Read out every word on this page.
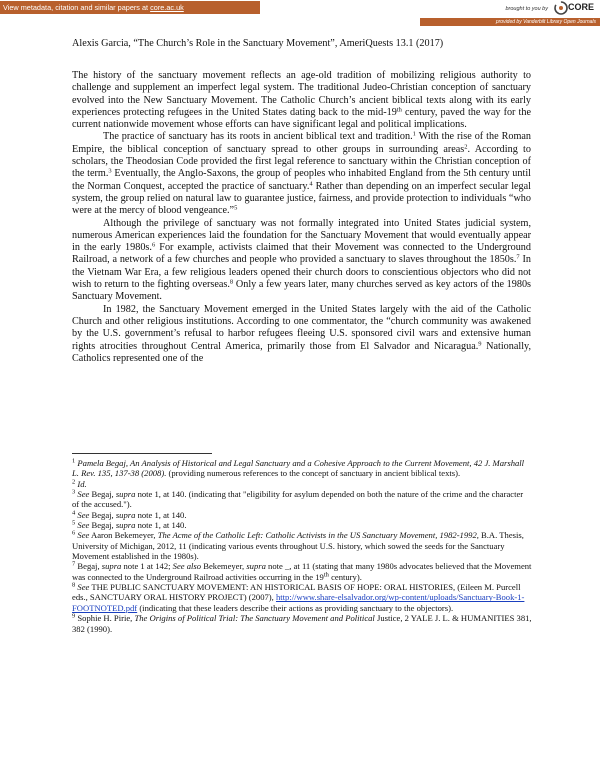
View metadata, citation and similar papers at core.ac.uk	brought to you by CORE
provided by Vanderbilt Library Open Journals
Alexis Garcia, “The Church’s Role in the Sanctuary Movement”, AmeriQuests 13.1 (2017)

The history of the sanctuary movement reflects an age-old tradition of mobilizing religious authority to challenge and supplement an imperfect legal system. The traditional Judeo-Christian conception of sanctuary evolved into the New Sanctuary Movement. The Catholic Church’s ancient biblical texts along with its early experiences protecting refugees in the United States dating back to the mid-19th century, paved the way for the current nationwide movement whose efforts can have significant legal and political implications.

The practice of sanctuary has its roots in ancient biblical text and tradition.$^1$ With the rise of the Roman Empire, the biblical conception of sanctuary spread to other groups in surrounding areas$^2$. According to scholars, the Theodosian Code provided the first legal reference to sanctuary within the Christian conception of the term.$^3$ Eventually, the Anglo-Saxons, the group of peoples who inhabited England from the 5th century until the Norman Conquest, accepted the practice of sanctuary.$^4$ Rather than depending on an imperfect secular legal system, the group relied on natural law to guarantee justice, fairness, and provide protection to individuals “who were at the mercy of blood vengeance.”$^5$

Although the privilege of sanctuary was not formally integrated into United States judicial system, numerous American experiences laid the foundation for the Sanctuary Movement that would eventually appear in the early 1980s.$^6$ For example, activists claimed that their Movement was connected to the Underground Railroad, a network of a few churches and people who provided a sanctuary to slaves throughout the 1850s.$^7$ In the Vietnam War Era, a few religious leaders opened their church doors to conscientious objectors who did not wish to return to the fighting overseas.$^8$ Only a few years later, many churches served as key actors of the 1980s Sanctuary Movement.

In 1982, the Sanctuary Movement emerged in the United States largely with the aid of the Catholic Church and other religious institutions. According to one commentator, the “church community was awakened by the U.S. government’s refusal to harbor refugees fleeing U.S. sponsored civil wars and extensive human rights atrocities throughout Central America, primarily those from El Salvador and Nicaragua.$^9$ Nationally, Catholics represented one of the

$^1$ Pamela Begaj, An Analysis of Historical and Legal Sanctuary and a Cohesive Approach to the Current Movement, 42 J. Marshall L. Rev. 135, 137-38 (2008). (providing numerous references to the concept of sanctuary in ancient biblical texts).

$^2$ Id.

$^3$ See Begaj, supra note 1, at 140. (indicating that "eligibility for asylum depended on both the nature of the crime and the character of the accused.").

$^4$ See Begaj, supra note 1, at 140.

$^5$ See Begaj, supra note 1, at 140.

$^6$ See Aaron Bekemeyer, The Acme of the Catholic Left: Catholic Activists in the US Sanctuary Movement, 1982-1992, B.A. Thesis, University of Michigan, 2012, 11 (indicating various events throughout U.S. history, which sowed the seeds for the Sanctuary Movement established in the 1980s).

$^7$ Begaj, supra note 1 at 142; See also Bekemeyer, supra note _, at 11 (stating that many 1980s advocates believed that the Movement was connected to the Underground Railroad activities occurring in the 19th century).

$^8$ See THE PUBLIC SANCTUARY MOVEMENT: AN HISTORICAL BASIS OF HOPE: ORAL HISTORIES, (Eileen M. Purcell eds., SANCTUARY ORAL HISTORY PROJECT) (2007), http://www.share-elsalvador.org/wp-content/uploads/Sanctuary-Book-1-FOOTNOTED.pdf (indicating that these leaders describe their actions as providing sanctuary to the objectors).

$^9$ Sophie H. Pirie, The Origins of Political Trial: The Sanctuary Movement and Political Justice, 2 YALE J. L. & HUMANITIES 381, 382 (1990).
